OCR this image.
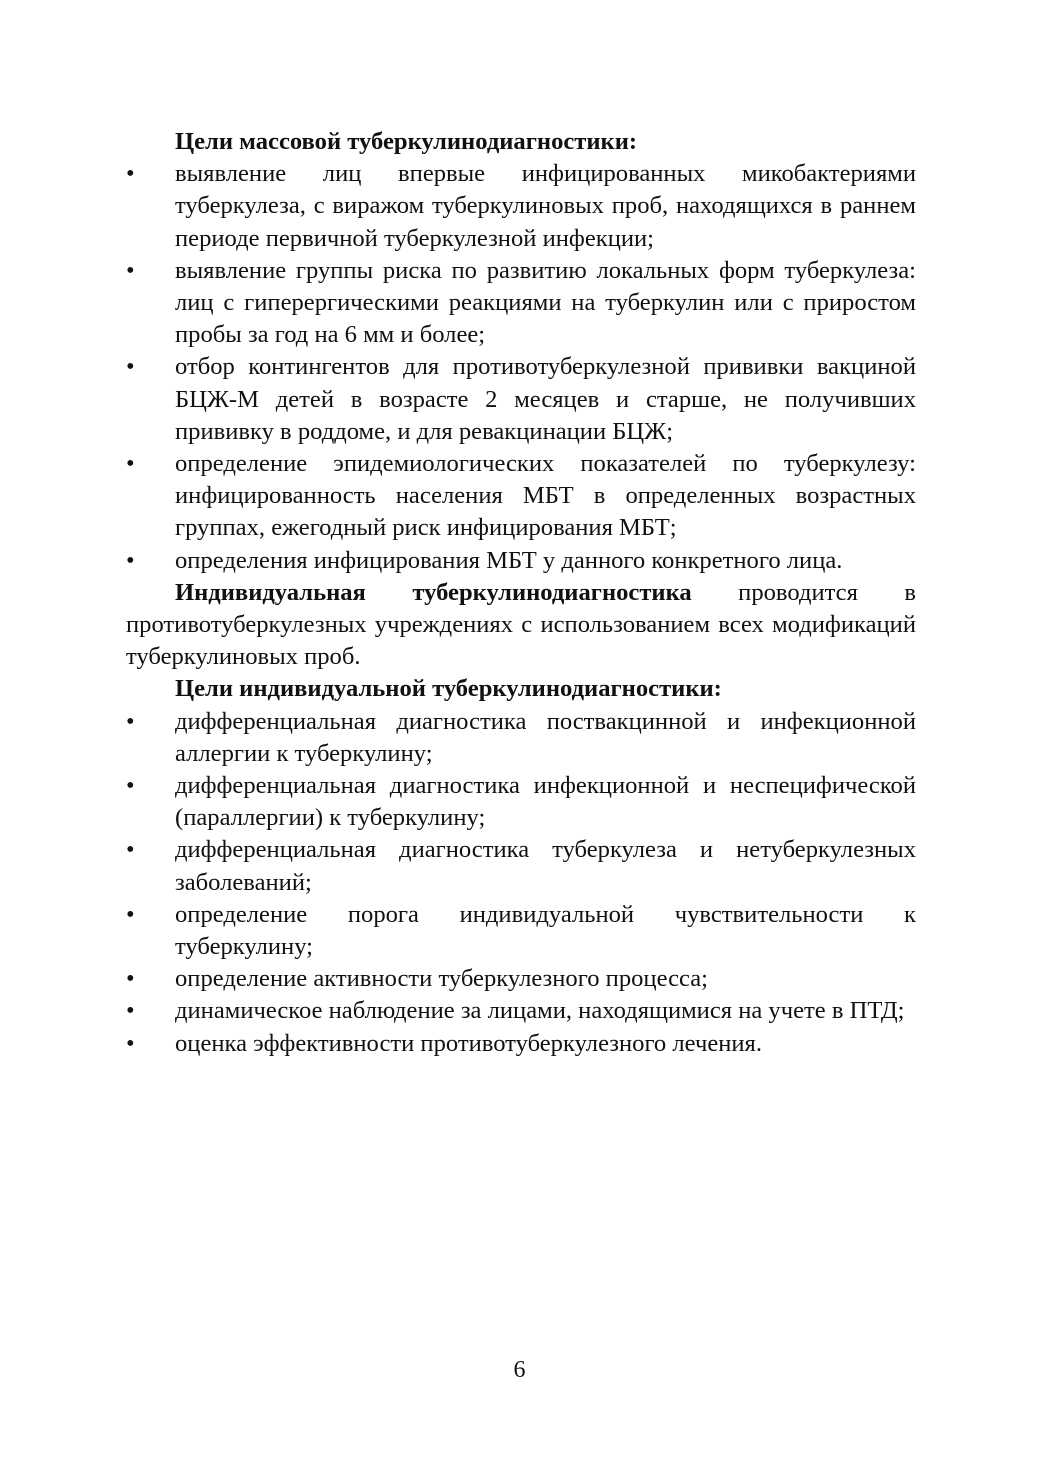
Цели массовой туберкулинодиагностики:

•	выявление лиц впервые инфицированных микобактериями туберкулеза, с виражом туберкулиновых проб, находящихся в раннем периоде первичной туберкулезной инфекции;
•	выявление группы риска по развитию локальных форм туберкулеза: лиц с гиперергическими реакциями на туберкулин или с приростом пробы за год на 6 мм и более;
•	отбор контингентов для противотуберкулезной прививки вакциной БЦЖ-М детей в возрасте 2 месяцев и старше, не получивших прививку в роддоме, и для ревакцинации БЦЖ;
•	определение эпидемиологических показателей по туберкулезу: инфицированность населения МБТ в определенных возрастных группах, ежегодный риск инфицирования МБТ;
•	определения инфицирования МБТ у данного конкретного лица.

Индивидуальная туберкулинодиагностика проводится в противотуберкулезных учреждениях с использованием всех модификаций туберкулиновых проб.

Цели индивидуальной туберкулинодиагностики:

•	дифференциальная диагностика поствакцинной и инфекционной аллергии к туберкулину;
•	дифференциальная диагностика инфекционной и неспецифической (параллергии) к туберкулину;
•	дифференциальная диагностика туберкулеза и нетуберкулезных заболеваний;
•	определение порога индивидуальной чувствительности к туберкулину;
•	определение активности туберкулезного процесса;
•	динамическое наблюдение за лицами, находящимися на учете в ПТД;
•	оценка эффективности противотуберкулезного лечения.
6
